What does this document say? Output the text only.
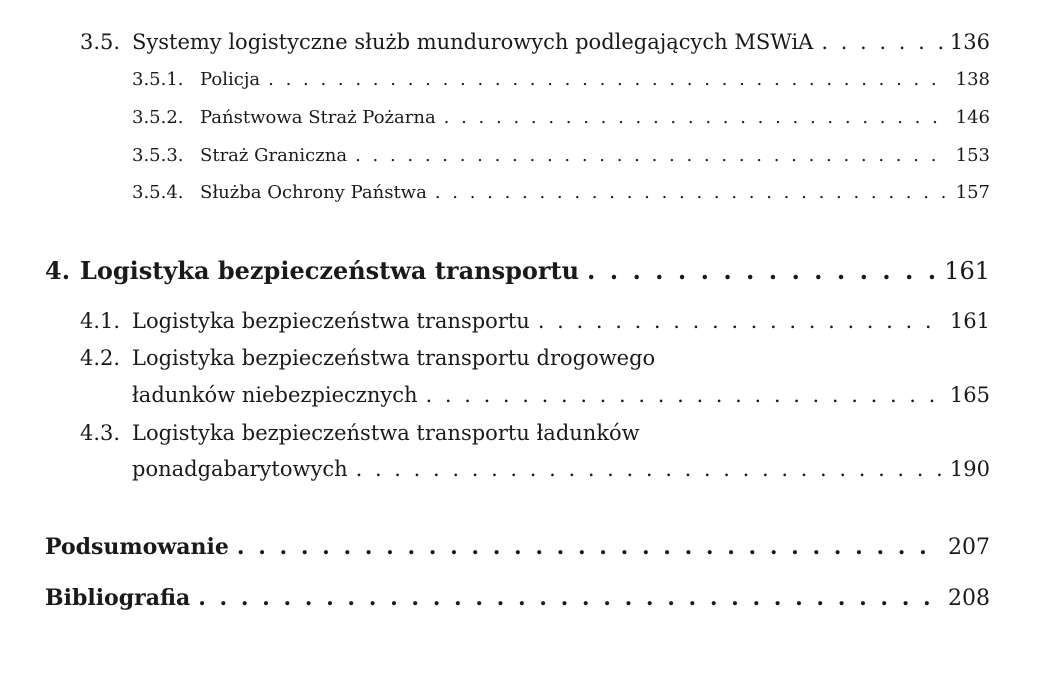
3.5. Systemy logistyczne służb mundurowych podlegających MSWiA . . .	136
3.5.1. Policja . . .	138
3.5.2. Państwowa Straż Pożarna . . .	146
3.5.3. Straż Graniczna . . .	153
3.5.4. Służba Ochrony Państwa . . .	157
4. Logistyka bezpieczeństwa transportu . . .	161
4.1. Logistyka bezpieczeństwa transportu . . .	161
4.2. Logistyka bezpieczeństwa transportu drogowego
ładunków niebezpiecznych . . .	165
4.3. Logistyka bezpieczeństwa transportu ładunków
ponadgabarytowych . . .	190
Podsumowanie . . .	207
Bibliografia . . .	208
